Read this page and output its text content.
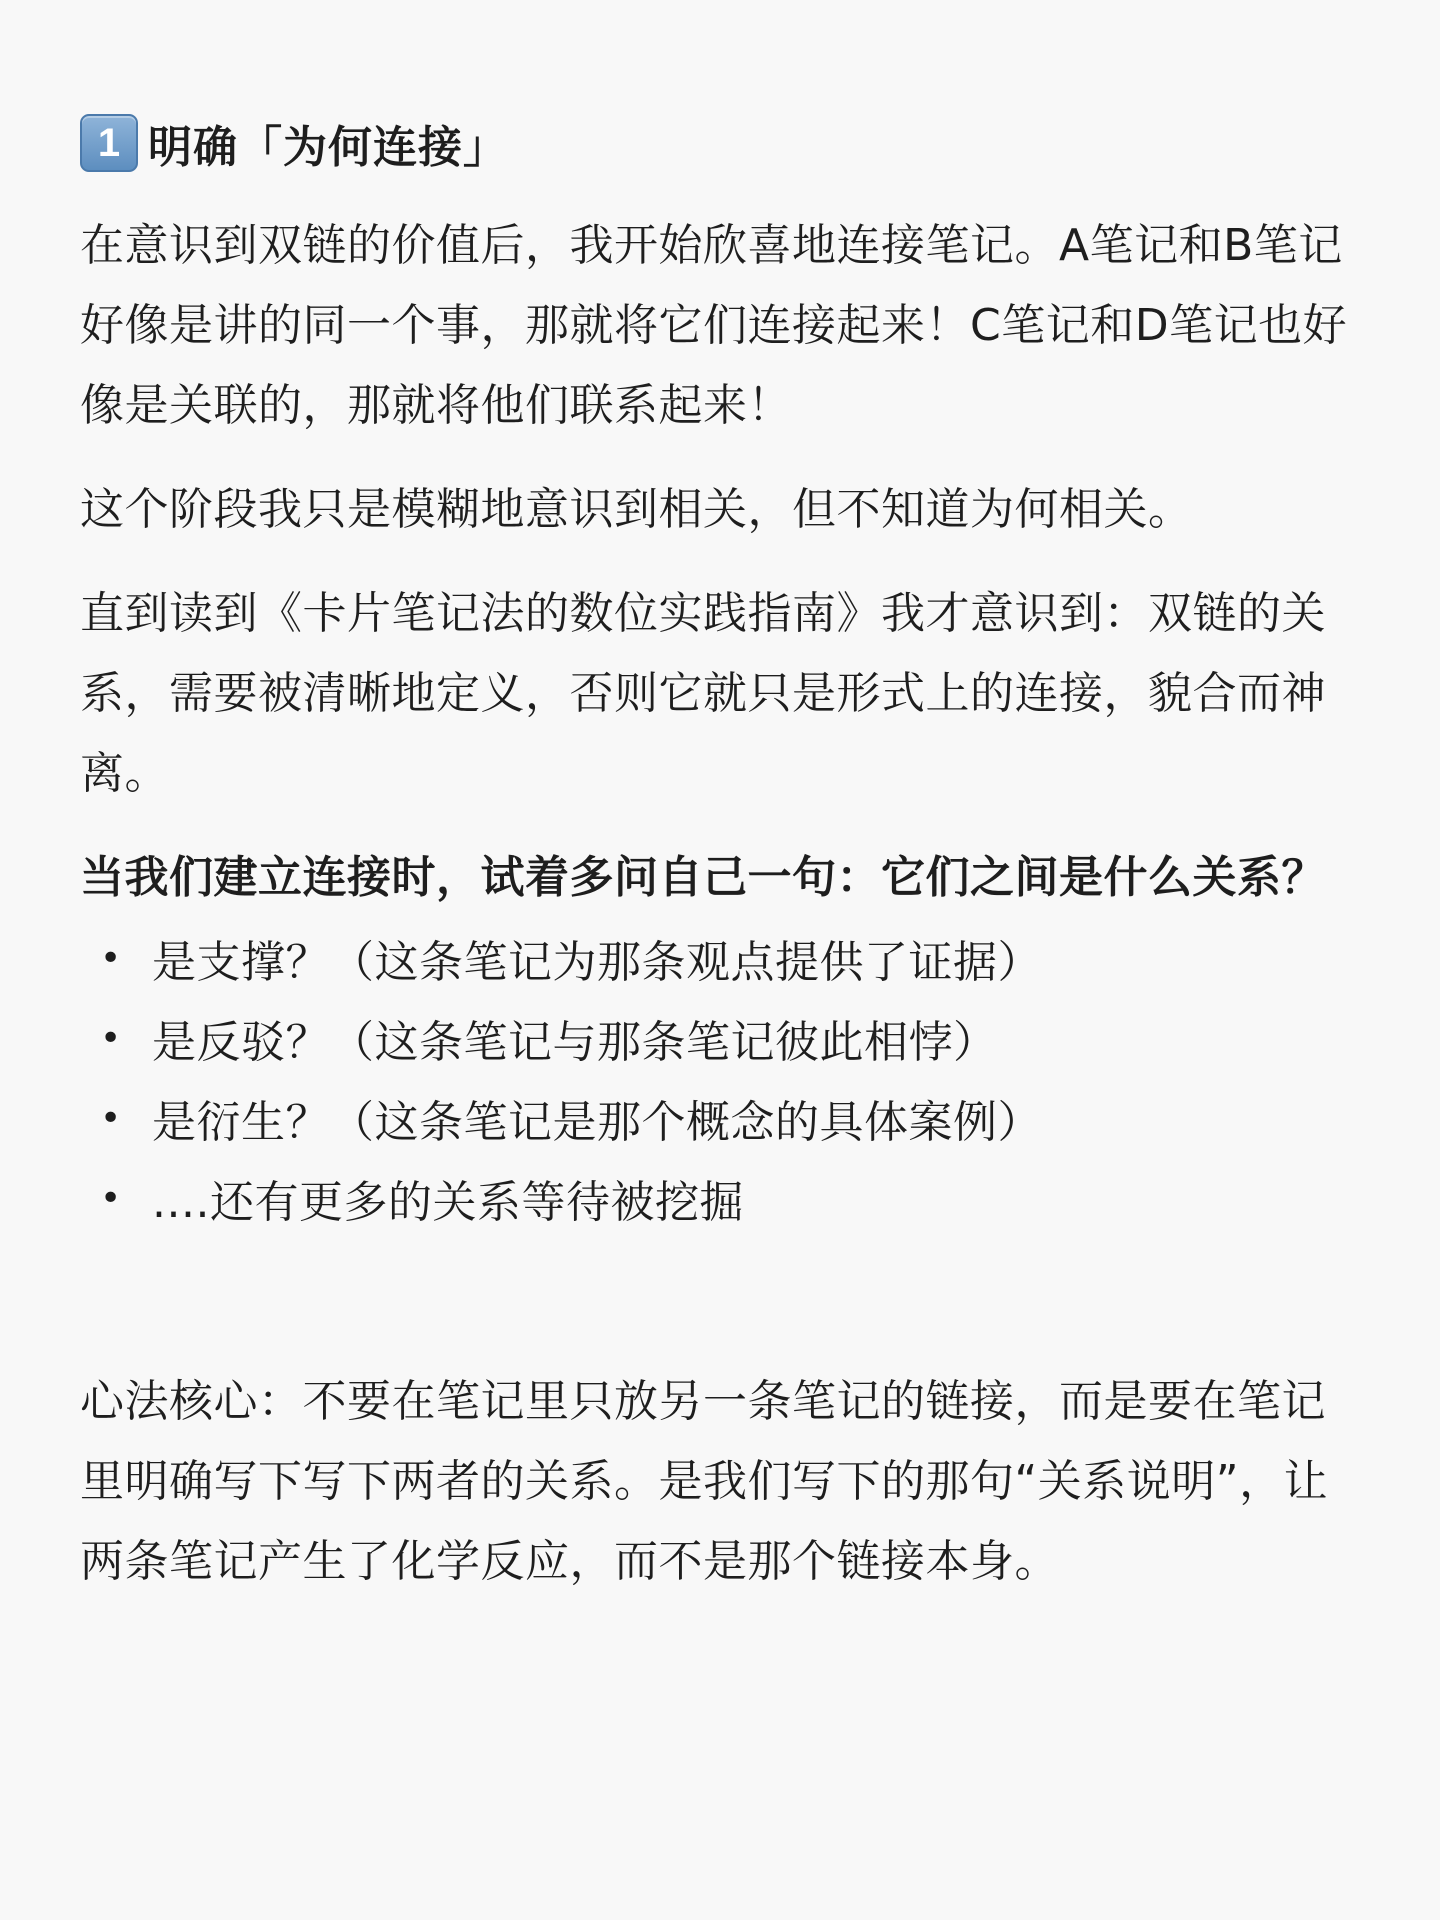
1 明确「为何连接」

在意识到双链的价值后，我开始欣喜地连接笔记。A笔记和B笔记好像是讲的同一个事，那就将它们连接起来！C笔记和D笔记也好像是关联的，那就将他们联系起来！

这个阶段我只是模糊地意识到相关，但不知道为何相关。

直到读到《卡片笔记法的数位实践指南》我才意识到：双链的关系，需要被清晰地定义，否则它就只是形式上的连接，貌合而神离。

当我们建立连接时，试着多问自己一句：它们之间是什么关系？

• 是支撑？（这条笔记为那条观点提供了证据）
• 是反驳？（这条笔记与那条笔记彼此相悖）
• 是衍生？（这条笔记是那个概念的具体案例）
• ....还有更多的关系等待被挖掘

心法核心：不要在笔记里只放另一条笔记的链接，而是要在笔记里明确写下写下两者的关系。是我们写下的那句“关系说明”，让两条笔记产生了化学反应，而不是那个链接本身。
